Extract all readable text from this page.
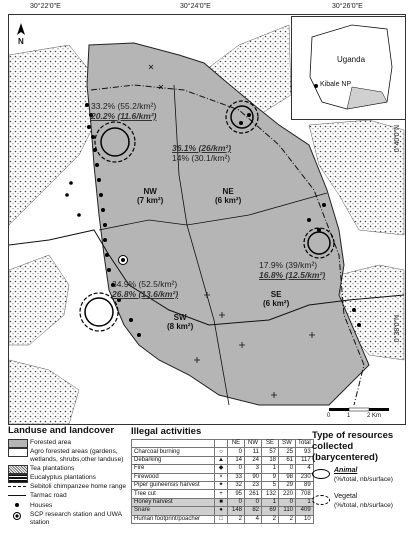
30°22'0"E	30°24'0"E	30°26'0"E
N
Uganda
Kibale NP
0°40'0"N
0°38'0"N
33.2% (55.2/km²)
20.2% (11.6/km²)
36.1% (26/km²)
14% (30.1/km²)
17.9% (39/km²)
16.8% (12.5/km²)
34.9% (52.5/km²)
26.8% (13.6/km²)
NW
(7 km²)
NE
(6 km²)
SE
(6 km²)
SW
(8 km²)
0	1	2 Km
Landuse and landcover
Forested area
Agro forested areas (gardens, wetlands, shrubs,other landuse)
Tea plantations
Eucalyptus plantations
Sebitoli chimpanzee home range
Tarmac road
Houses
SCP research station and UWA station
Illegal activities
		NE	NW	SE	SW	Total
Charcoal burning	○	0	11	57	25	93
Debarking	▲	14	24	18	61	117
Fire	◆	0	3	1	0	4
Firewood	×	33	90	9	98	230
Piper guineensis harvest	✦	32	23	5	29	89
Tree cut	+	95	261	132	220	708
Honey harvest	■	0	0	1	0	1
Snare	●	148	82	69	110	409
Human footprint/poacher	□	2	4	2	2	10
Type of resources collected (barycentered)
Animal
(%/total, nb/surface)
Vegetal
(%/total, nb/surface)
